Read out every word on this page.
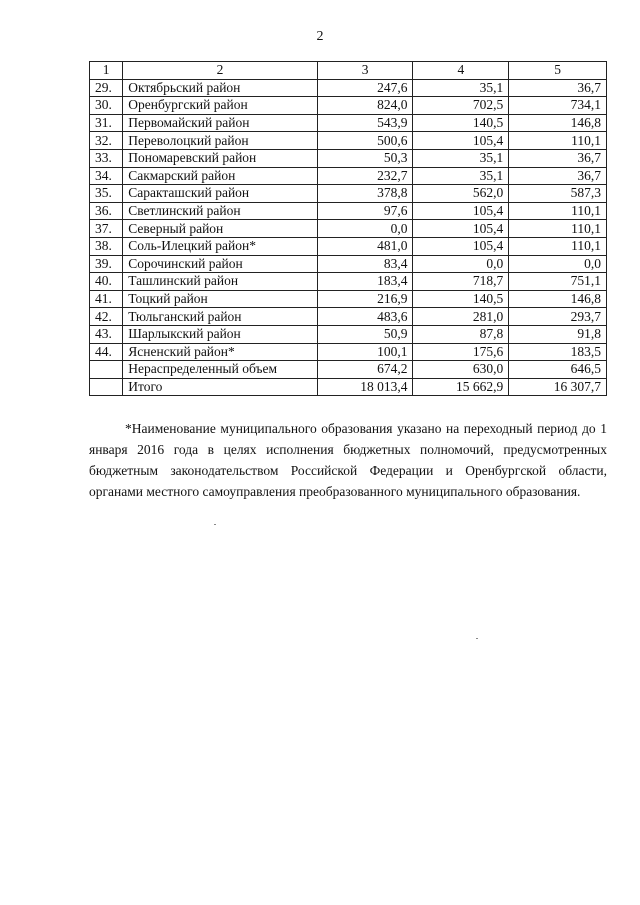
2
1	2	3	4	5
29.	Октябрьский район	247,6	35,1	36,7
30.	Оренбургский район	824,0	702,5	734,1
31.	Первомайский район	543,9	140,5	146,8
32.	Переволоцкий район	500,6	105,4	110,1
33.	Пономаревский район	50,3	35,1	36,7
34.	Сакмарский район	232,7	35,1	36,7
35.	Саракташский район	378,8	562,0	587,3
36.	Светлинский район	97,6	105,4	110,1
37.	Северный район	0,0	105,4	110,1
38.	Соль-Илецкий район*	481,0	105,4	110,1
39.	Сорочинский район	83,4	0,0	0,0
40.	Ташлинский район	183,4	718,7	751,1
41.	Тоцкий район	216,9	140,5	146,8
42.	Тюльганский район	483,6	281,0	293,7
43.	Шарлыкский район	50,9	87,8	91,8
44.	Ясненский район*	100,1	175,6	183,5
	Нераспределенный объем	674,2	630,0	646,5
	Итого	18 013,4	15 662,9	16 307,7

*Наименование муниципального образования указано на переходный период до 1 января 2016 года в целях исполнения бюджетных полномочий, предусмотренных бюджетным законодательством Российской Федерации и Оренбургской области, органами местного самоуправления преобразованного муниципального образования.
